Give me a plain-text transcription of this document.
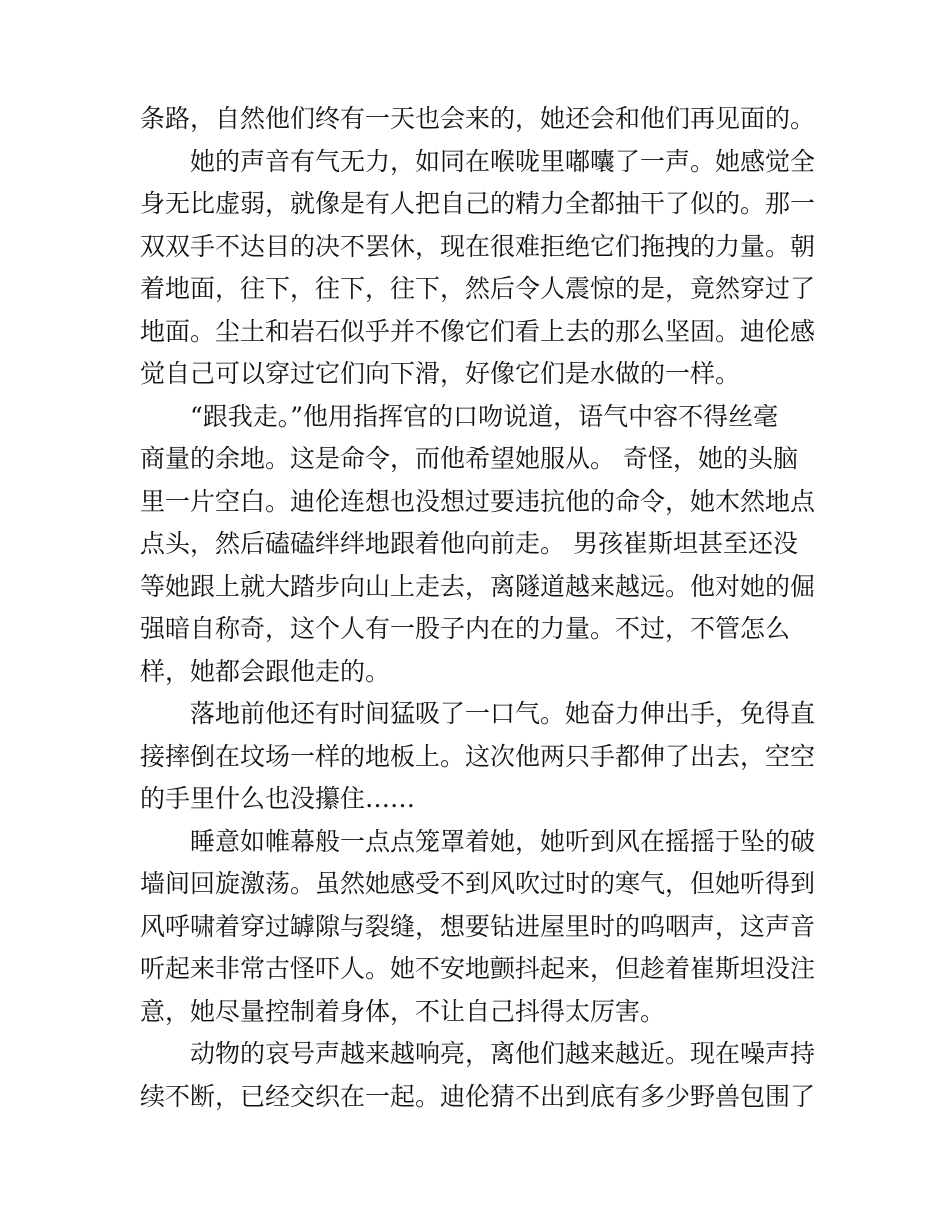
条路，自然他们终有一天也会来的，她还会和他们再见面的。
她的声音有气无力，如同在喉咙里嘟囔了一声。她感觉全
身无比虚弱，就像是有人把自己的精力全都抽干了似的。那一
双双手不达目的决不罢休，现在很难拒绝它们拖拽的力量。朝
着地面，往下，往下，往下，然后令人震惊的是，竟然穿过了
地面。尘土和岩石似乎并不像它们看上去的那么坚固。迪伦感
觉自己可以穿过它们向下滑，好像它们是水做的一样。
“跟我走。”他用指挥官的口吻说道，语气中容不得丝毫
商量的余地。这是命令，而他希望她服从。 奇怪，她的头脑
里一片空白。迪伦连想也没想过要违抗他的命令，她木然地点
点头，然后磕磕绊绊地跟着他向前走。 男孩崔斯坦甚至还没
等她跟上就大踏步向山上走去，离隧道越来越远。他对她的倔
强暗自称奇，这个人有一股子内在的力量。不过，不管怎么
样，她都会跟他走的。
落地前他还有时间猛吸了一口气。她奋力伸出手，免得直
接摔倒在坟场一样的地板上。这次他两只手都伸了出去，空空
的手里什么也没攥住……
睡意如帷幕般一点点笼罩着她，她听到风在摇摇于坠的破
墙间回旋激荡。虽然她感受不到风吹过时的寒气，但她听得到
风呼啸着穿过罅隙与裂缝，想要钻进屋里时的呜咽声，这声音
听起来非常古怪吓人。她不安地颤抖起来，但趁着崔斯坦没注
意，她尽量控制着身体，不让自己抖得太厉害。
动物的哀号声越来越响亮，离他们越来越近。现在噪声持
续不断，已经交织在一起。迪伦猜不出到底有多少野兽包围了
